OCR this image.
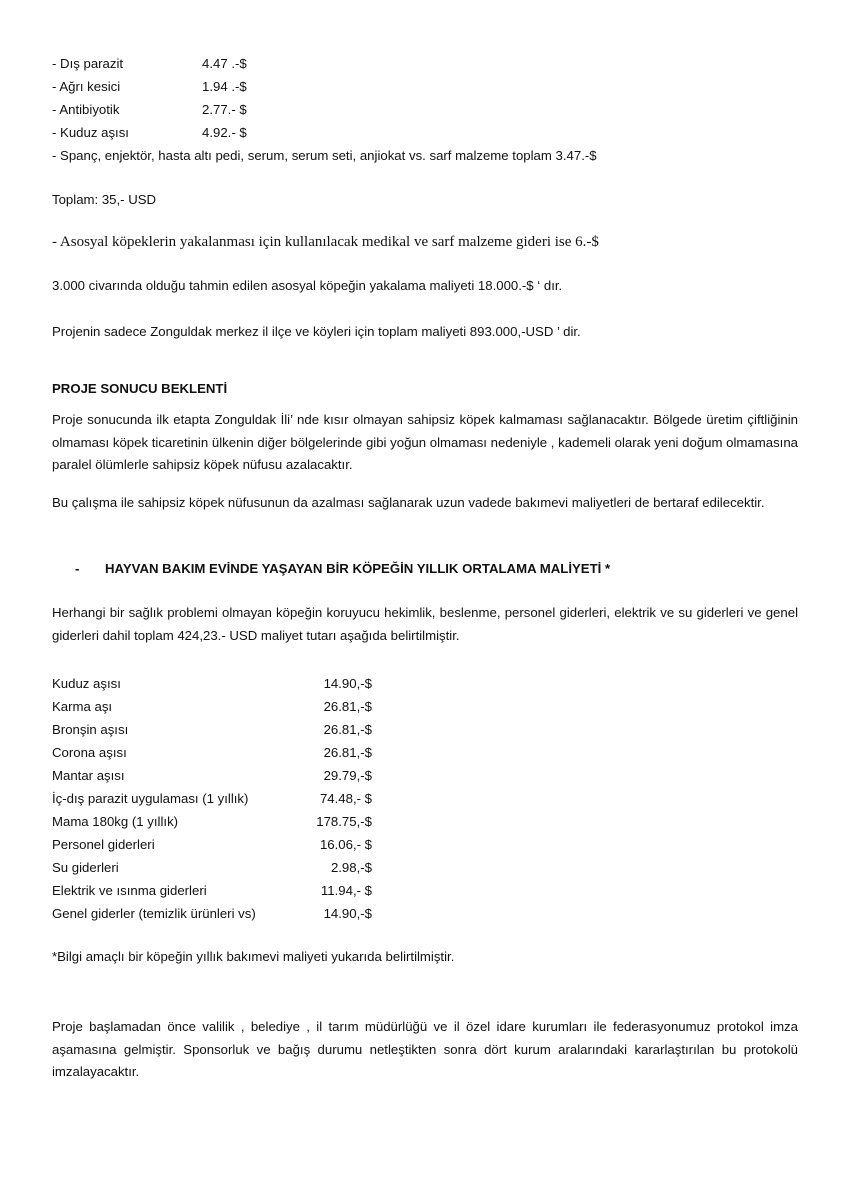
- Dış parazit	4.47 .-$
- Ağrı kesici	1.94 .-$
- Antibiyotik	2.77.- $
- Kuduz aşısı	4.92.- $
- Spanç, enjektör, hasta altı pedi, serum, serum seti, anjiokat vs. sarf malzeme toplam 3.47.-$
Toplam: 35,- USD
- Asosyal köpeklerin yakalanması için kullanılacak medikal ve sarf malzeme gideri ise 6.-$
3.000 civarında olduğu tahmin edilen asosyal köpeğin yakalama maliyeti 18.000.-$ ‘ dır.
Projenin sadece Zonguldak merkez il ilçe ve köyleri için toplam maliyeti 893.000,-USD ’ dir.
PROJE SONUCU BEKLENTİ
Proje sonucunda ilk etapta Zonguldak İli’ nde kısır olmayan sahipsiz köpek kalmaması sağlanacaktır. Bölgede üretim çiftliğinin olmaması köpek ticaretinin ülkenin diğer bölgelerinde gibi yoğun olmaması nedeniyle , kademeli olarak yeni doğum olmamasına paralel ölümlerle sahipsiz köpek nüfusu azalacaktır.
Bu çalışma ile sahipsiz köpek nüfusunun da azalması sağlanarak uzun vadede bakımevi maliyetleri de bertaraf edilecektir.
- HAYVAN BAKIM EVİNDE YAŞAYAN BİR KÖPEĞİN YILLIK ORTALAMA MALİYETİ *
Herhangi bir sağlık problemi olmayan köpeğin koruyucu hekimlik, beslenme, personel giderleri, elektrik ve su giderleri ve genel giderleri dahil toplam 424,23.- USD maliyet tutarı aşağıda belirtilmiştir.
Kuduz aşısı	14.90,-$
Karma aşı	26.81,-$
Bronşin aşısı	26.81,-$
Corona aşısı	26.81,-$
Mantar aşısı	29.79,-$
İç-dış parazit uygulaması (1 yıllık)	74.48,- $
Mama 180kg (1 yıllık)	178.75,-$
Personel giderleri	16.06,- $
Su giderleri	2.98,-$
Elektrik ve ısınma giderleri	11.94,- $
Genel giderler (temizlik ürünleri vs)	14.90,-$
*Bilgi amaçlı bir köpeğin yıllık bakımevi maliyeti yukarıda belirtilmiştir.
Proje başlamadan önce valilik , belediye , il tarım müdürlüğü ve il özel idare kurumları ile federasyonumuz protokol imza aşamasına gelmiştir. Sponsorluk ve bağış durumu netleştikten sonra dört kurum aralarındaki kararlaştırılan bu protokolü imzalayacaktır.
